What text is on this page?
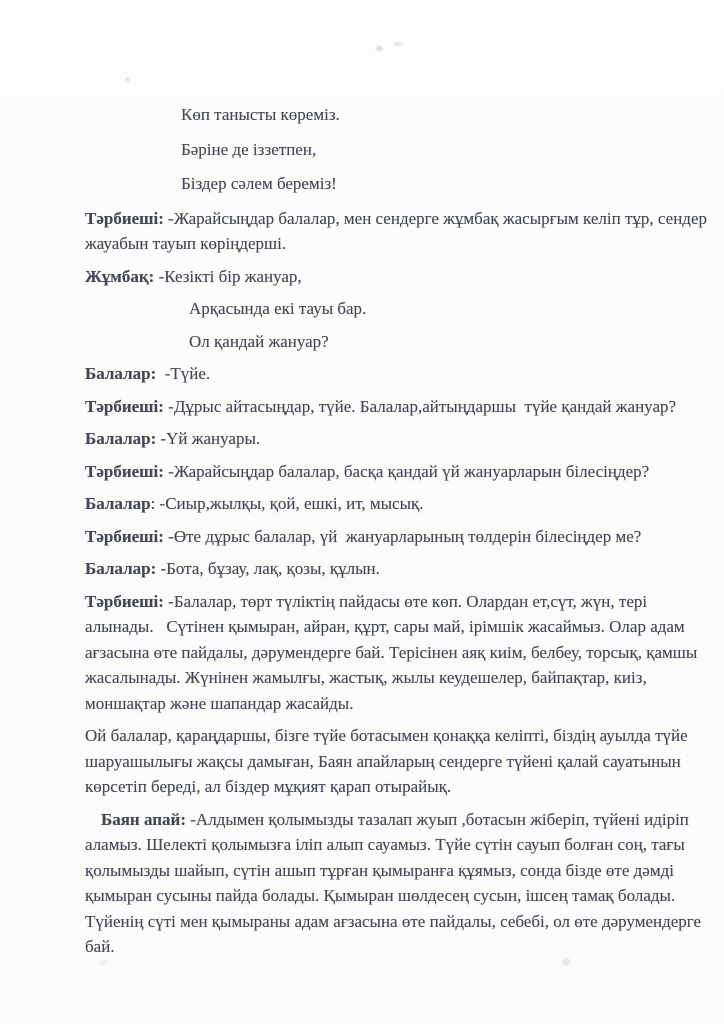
Көп танысты көреміз.

Бәріне де іззетпен,

Біздер сәлем береміз!

Тәрбиеші: -Жарайсыңдар балалар, мен сендерге жұмбақ жасырғым келіп тұр, сендер жауабын тауып көріңдерші.

Жұмбақ: -Кезікті бір жануар,

Арқасында екі тауы бар.

Ол қандай жануар?

Балалар:  -Түйе.

Тәрбиеші: -Дұрыс айтасыңдар, түйе. Балалар,айтыңдаршы  түйе қандай жануар?

Балалар: -Үй жануары.

Тәрбиеші: -Жарайсыңдар балалар, басқа қандай үй жануарларын білесіңдер?

Балалар: -Сиыр,жылқы, қой, ешкі, ит, мысық.

Тәрбиеші: -Өте дұрыс балалар, үй  жануарларының төлдерін білесіңдер ме?

Балалар: -Бота, бұзау, лақ, қозы, құлын.

Тәрбиеші: -Балалар, төрт түліктің пайдасы өте көп. Олардан ет,сүт, жүн, тері алынады.   Сүтінен қымыран, айран, құрт, сары май, ірімшік жасаймыз. Олар адам ағзасына өте пайдалы, дәрумендерге бай. Терісінен аяқ киім, белбеу, торсық, қамшы жасалынады. Жүнінен жамылғы, жастық, жылы кеудешелер, байпақтар, киіз, моншақтар және шапандар жасайды.

Ой балалар, қараңдаршы, бізге түйе ботасымен қонаққа келіпті, біздің ауылда түйе шаруашылығы жақсы дамыған, Баян апайларың сендерге түйені қалай сауатынын көрсетіп береді, ал біздер мұқият қарап отырайық.

Баян апай: -Алдымен қолымызды тазалап жуып ,ботасын жіберіп, түйені идіріп аламыз. Шелекті қолымызға іліп алып сауамыз. Түйе сүтін сауып болған соң, тағы қолымызды шайып, сүтін ашып тұрған қымыранға құямыз, сонда бізде өте дәмді қымыран сусыны пайда болады. Қымыран шөлдесең сусын, ішсең тамақ болады. Түйенің сүті мен қымыраны адам ағзасына өте пайдалы, себебі, ол өте дәрумендерге бай.
